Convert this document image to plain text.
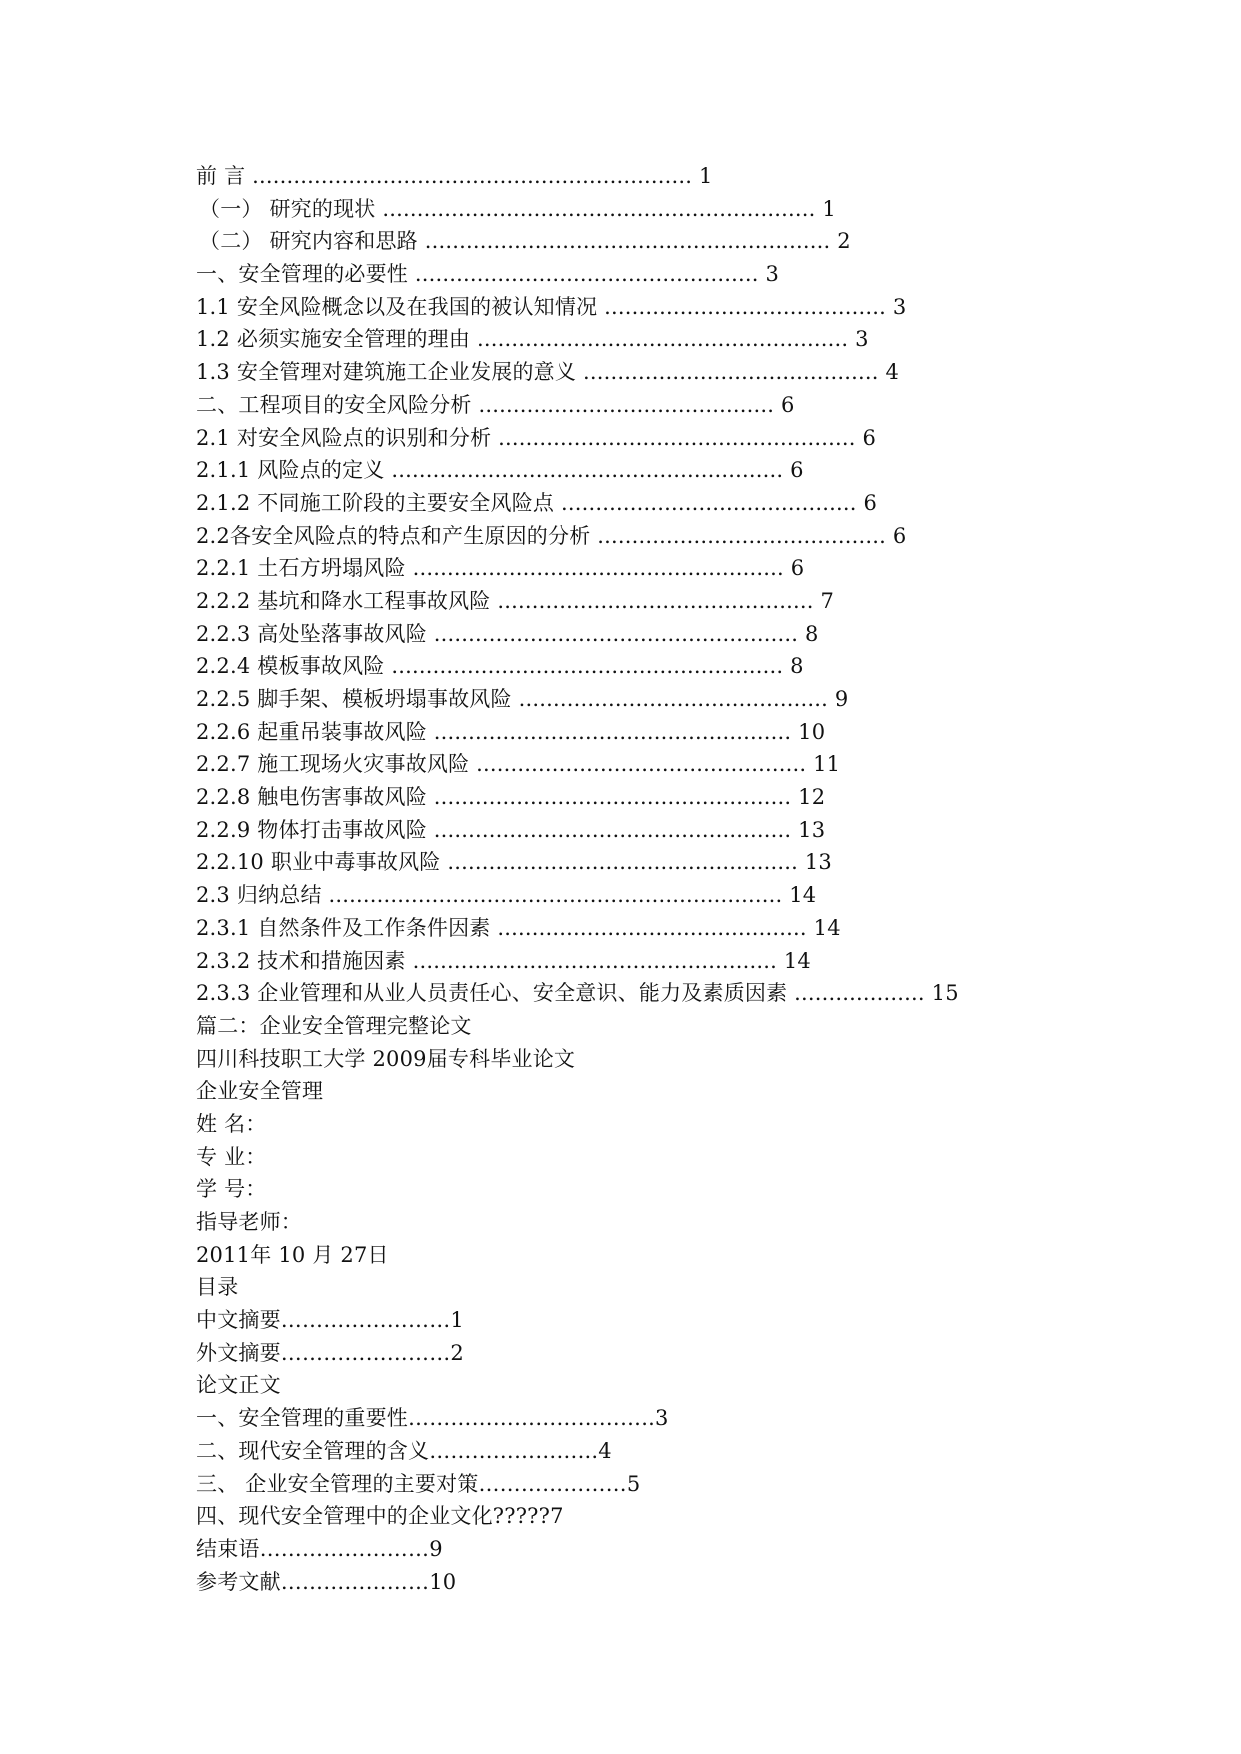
前 言 ................................................................ 1
（一） 研究的现状 ............................................................... 1
（二） 研究内容和思路 ........................................................... 2
一、安全管理的必要性 .................................................. 3
1.1 安全风险概念以及在我国的被认知情况 ......................................... 3
1.2 必须实施安全管理的理由 ...................................................... 3
1.3 安全管理对建筑施工企业发展的意义 ........................................... 4
二、工程项目的安全风险分析 ........................................... 6
2.1 对安全风险点的识别和分析 .................................................... 6
2.1.1 风险点的定义 ......................................................... 6
2.1.2 不同施工阶段的主要安全风险点 ........................................... 6
2.2各安全风险点的特点和产生原因的分析 .......................................... 6
2.2.1 土石方坍塌风险 ...................................................... 6
2.2.2 基坑和降水工程事故风险 .............................................. 7
2.2.3 高处坠落事故风险 ..................................................... 8
2.2.4 模板事故风险 ......................................................... 8
2.2.5 脚手架、模板坍塌事故风险 ............................................. 9
2.2.6 起重吊装事故风险 .................................................... 10
2.2.7 施工现场火灾事故风险 ................................................ 11
2.2.8 触电伤害事故风险 .................................................... 12
2.2.9 物体打击事故风险 .................................................... 13
2.2.10 职业中毒事故风险 ................................................... 13
2.3 归纳总结 .................................................................. 14
2.3.1 自然条件及工作条件因素 ............................................. 14
2.3.2 技术和措施因素 ..................................................... 14
2.3.3 企业管理和从业人员责任心、安全意识、能力及素质因素 ................... 15
篇二：企业安全管理完整论文
四川科技职工大学 2009届专科毕业论文
企业安全管理
姓 名：
专 业：
学 号：
指导老师：
2011年 10 月 27日
目录
中文摘要……………………1
外文摘要……………………2
论文正文
一、安全管理的重要性……………………………..3
二、现代安全管理的含义…………………...4
三、 企业安全管理的主要对策…………………5
四、现代安全管理中的企业文化?????7
结束语……………………9
参考文献…………………10
